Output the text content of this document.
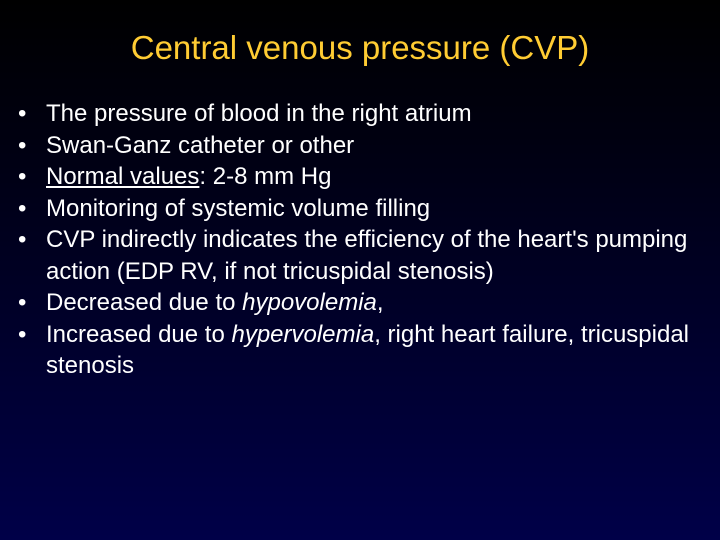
Central venous pressure (CVP)
• The pressure of blood in the right atrium
• Swan-Ganz catheter or other
• Normal values: 2-8 mm Hg
• Monitoring of systemic volume filling
• CVP indirectly indicates the efficiency of the heart's pumping action (EDP RV, if not tricuspidal stenosis)
• Decreased due to hypovolemia,
• Increased due to hypervolemia, right heart failure, tricuspidal stenosis
